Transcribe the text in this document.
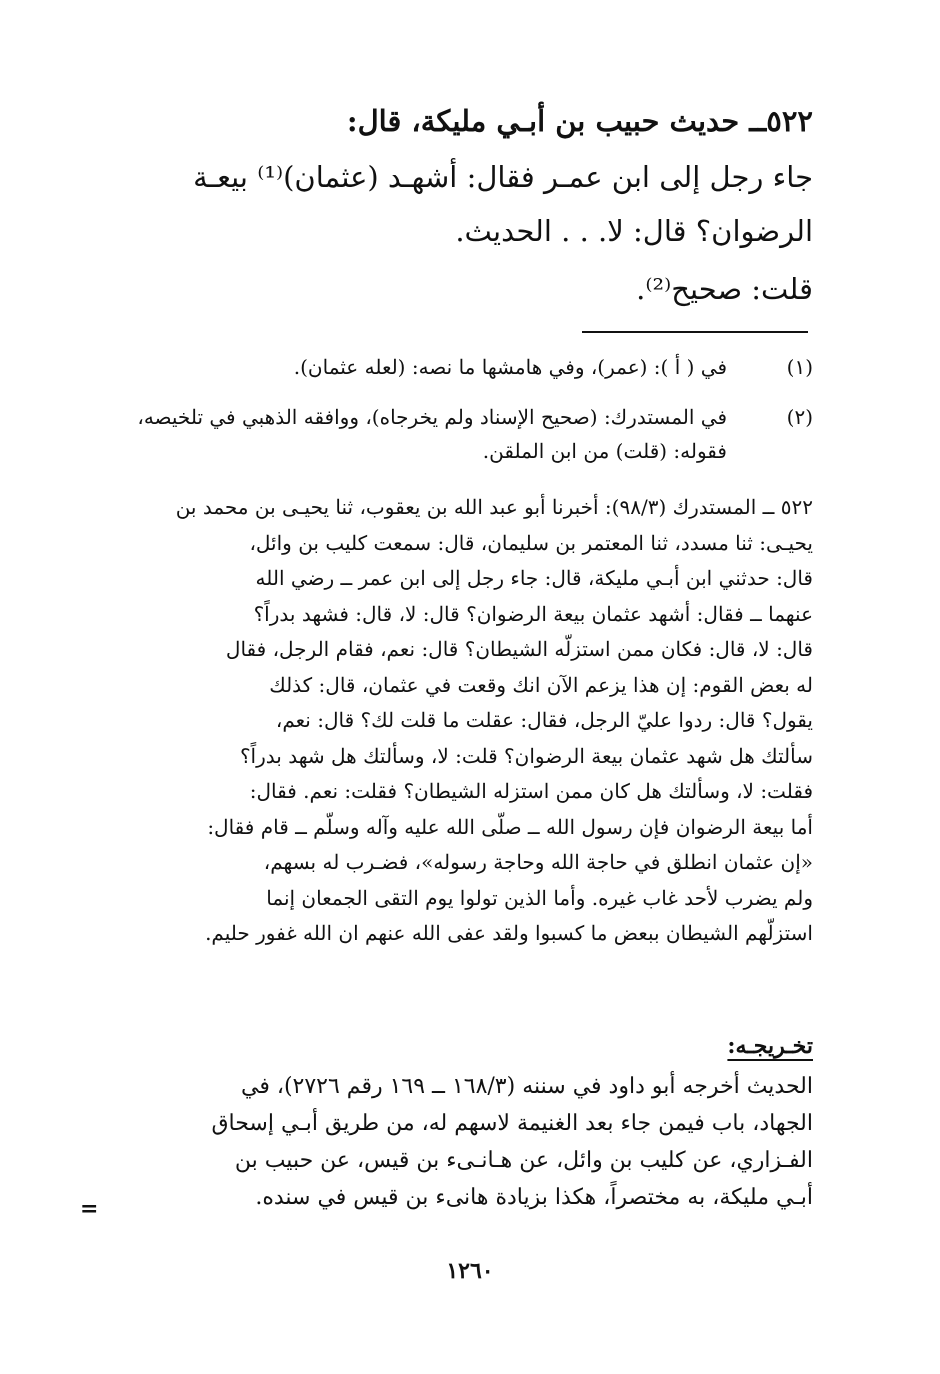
٥٢٢ــ حديث حبيب بن أبـي مليكة، قال:
جاء رجل إلى ابن عمـر فقال: أشهـد (عثمان)⁽¹⁾ بيعـة
الرضوان؟ قال: لا. . . الحديث.
قلت: صحيح⁽²⁾.
(١)
في ( أ ): (عمر)، وفي هامشها ما نصه: (لعله عثمان).
(٢)
في المستدرك: (صحيح الإسناد ولم يخرجاه)، ووافقه الذهبي في تلخيصه،
فقوله: (قلت) من ابن الملقن.
٥٢٢ ــ المستدرك (٩٨/٣): أخبرنا أبو عبد الله بن يعقوب، ثنا يحيـى بن محمد بن
يحيـى: ثنا مسدد، ثنا المعتمر بن سليمان، قال: سمعت كليب بن وائل،
قال: حدثني ابن أبـي مليكة، قال: جاء رجل إلى ابن عمر ــ رضي الله
عنهما ــ فقال: أشهد عثمان بيعة الرضوان؟ قال: لا، قال: فشهد بدراً؟
قال: لا، قال: فكان ممن استزلّه الشيطان؟ قال: نعم، فقام الرجل، فقال
له بعض القوم: إن هذا يزعم الآن انك وقعت في عثمان، قال: كذلك
يقول؟ قال: ردوا عليّ الرجل، فقال: عقلت ما قلت لك؟ قال: نعم،
سألتك هل شهد عثمان بيعة الرضوان؟ قلت: لا، وسألتك هل شهد بدراً؟
فقلت: لا، وسألتك هل كان ممن استزله الشيطان؟ فقلت: نعم. فقال:
أما بيعة الرضوان فإن رسول الله ــ صلّى الله عليه وآله وسلّم ــ قام فقال:
«إن عثمان انطلق في حاجة الله وحاجة رسوله»، فضـرب له بسهم،
ولم يضرب لأحد غاب غيره. وأما الذين تولوا يوم التقى الجمعان إنما
استزلّهم الشيطان ببعض ما كسبوا ولقد عفى الله عنهم ان الله غفور حليم.
تخـريجـه:
الحديث أخرجه أبو داود في سننه (١٦٨/٣ ــ ١٦٩ رقم ٢٧٢٦)، في
الجهاد، باب فيمن جاء بعد الغنيمة لاسهم له، من طريق أبـي إسحاق
الفـزاري، عن كليب بن وائل، عن هـانـىء بن قيس، عن حبيب بن
أبـي مليكة، به مختصراً، هكذا بزيادة هانىء بن قيس في سنده.
=
١٢٦٠
